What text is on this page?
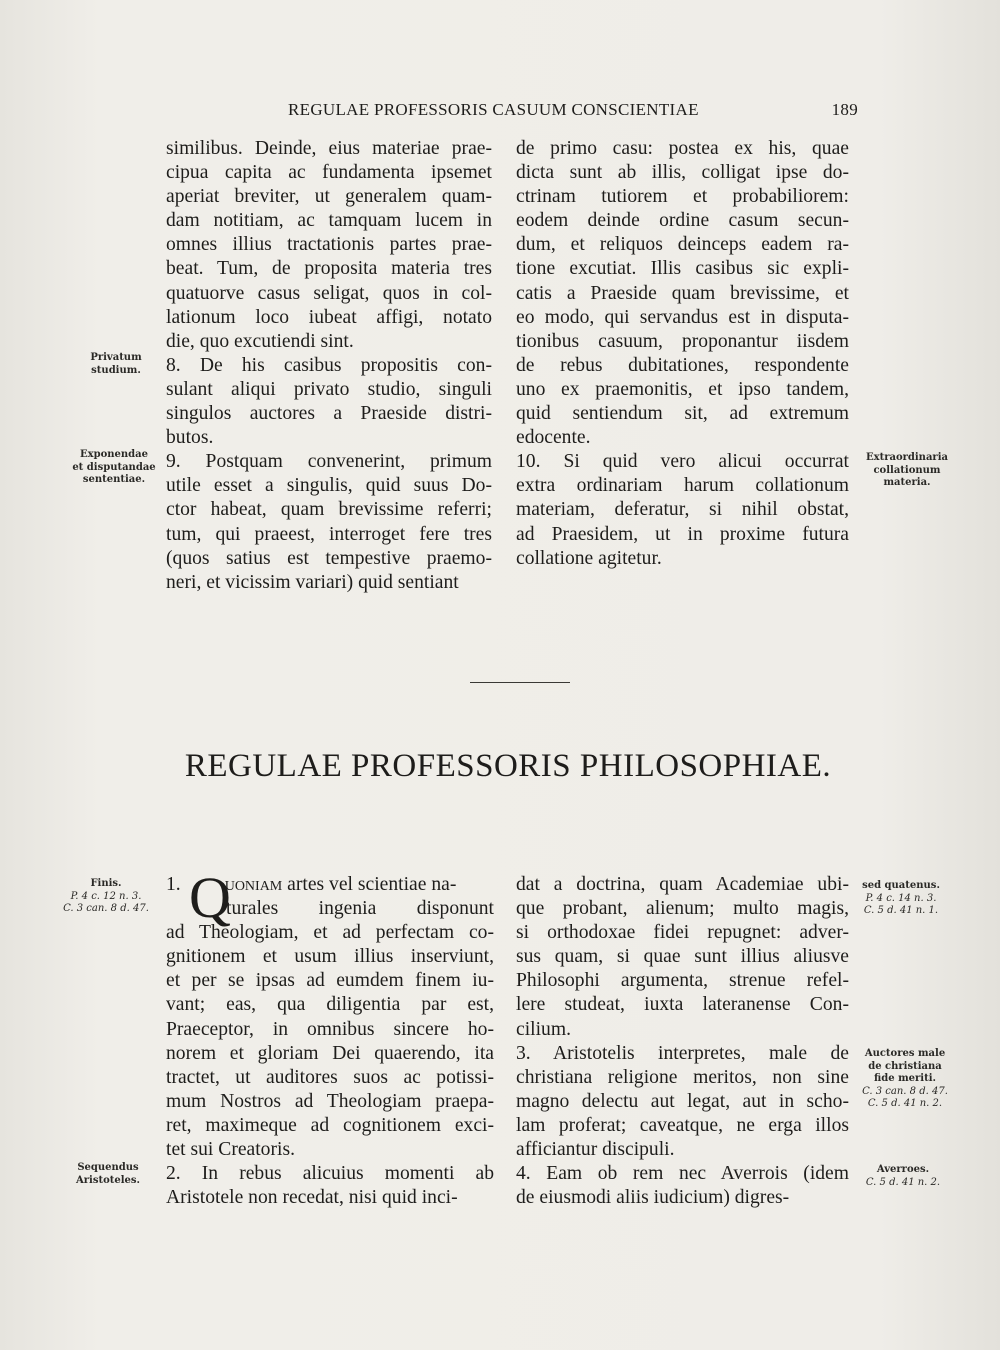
REGULAE PROFESSORIS CASUUM CONSCIENTIAE	189
similibus. Deinde, eius materiae prae-
cipua capita ac fundamenta ipsemet
aperiat breviter, ut generalem quam-
dam notitiam, ac tamquam lucem in
omnes illius tractationis partes prae-
beat. Tum, de proposita materia tres
quatuorve casus seligat, quos in col-
lationum loco iubeat affigi, notato
die, quo excutiendi sint.
8. De his casibus propositis con-
sulant aliqui privato studio, singuli
singulos auctores a Praeside distri-
butos.
9. Postquam convenerint, primum
utile esset a singulis, quid suus Do-
ctor habeat, quam brevissime referri;
tum, qui praeest, interroget fere tres
(quos satius est tempestive praemo-
neri, et vicissim variari) quid sentiant
de primo casu: postea ex his, quae
dicta sunt ab illis, colligat ipse do-
ctrinam tutiorem et probabiliorem:
eodem deinde ordine casum secun-
dum, et reliquos deinceps eadem ra-
tione excutiat. Illis casibus sic expli-
catis a Praeside quam brevissime, et
eo modo, qui servandus est in disputa-
tionibus casuum, proponantur iisdem
de rebus dubitationes, respondente
uno ex praemonitis, et ipso tandem,
quid sentiendum sit, ad extremum
edocente.
10. Si quid vero alicui occurrat
extra ordinariam harum collationum
materiam, deferatur, si nihil obstat,
ad Praesidem, ut in proxime futura
collatione agitetur.
Privatum
studium.
Exponendae
et disputandae
sententiae.
Extraordinaria
collationum
materia.
REGULAE PROFESSORIS PHILOSOPHIAE.
Q
1. uoniam artes vel scientiae na-
turales ingenia disponunt
ad Theologiam, et ad perfectam co-
gnitionem et usum illius inserviunt,
et per se ipsas ad eumdem finem iu-
vant; eas, qua diligentia par est,
Praeceptor, in omnibus sincere ho-
norem et gloriam Dei quaerendo, ita
tractet, ut auditores suos ac potissi-
mum Nostros ad Theologiam praepa-
ret, maximeque ad cognitionem exci-
tet sui Creatoris.
2. In rebus alicuius momenti ab
Aristotele non recedat, nisi quid inci-
dat a doctrina, quam Academiae ubi-
que probant, alienum; multo magis,
si orthodoxae fidei repugnet: adver-
sus quam, si quae sunt illius aliusve
Philosophi argumenta, strenue refel-
lere studeat, iuxta lateranense Con-
cilium.
3. Aristotelis interpretes, male de
christiana religione meritos, non sine
magno delectu aut legat, aut in scho-
lam proferat; caveatque, ne erga illos
afficiantur discipuli.
4. Eam ob rem nec Averrois (idem
de eiusmodi aliis iudicium) digres-
Finis.
P. 4 c. 12 n. 3.
C. 3 can. 8 d. 47.
sed quatenus.
P. 4 c. 14 n. 3.
C. 5 d. 41 n. 1.
Auctores male
de christiana
fide meriti.
C. 3 can. 8 d. 47.
C. 5 d. 41 n. 2.
Sequendus
Aristoteles.
Averroes.
C. 5 d. 41 n. 2.
